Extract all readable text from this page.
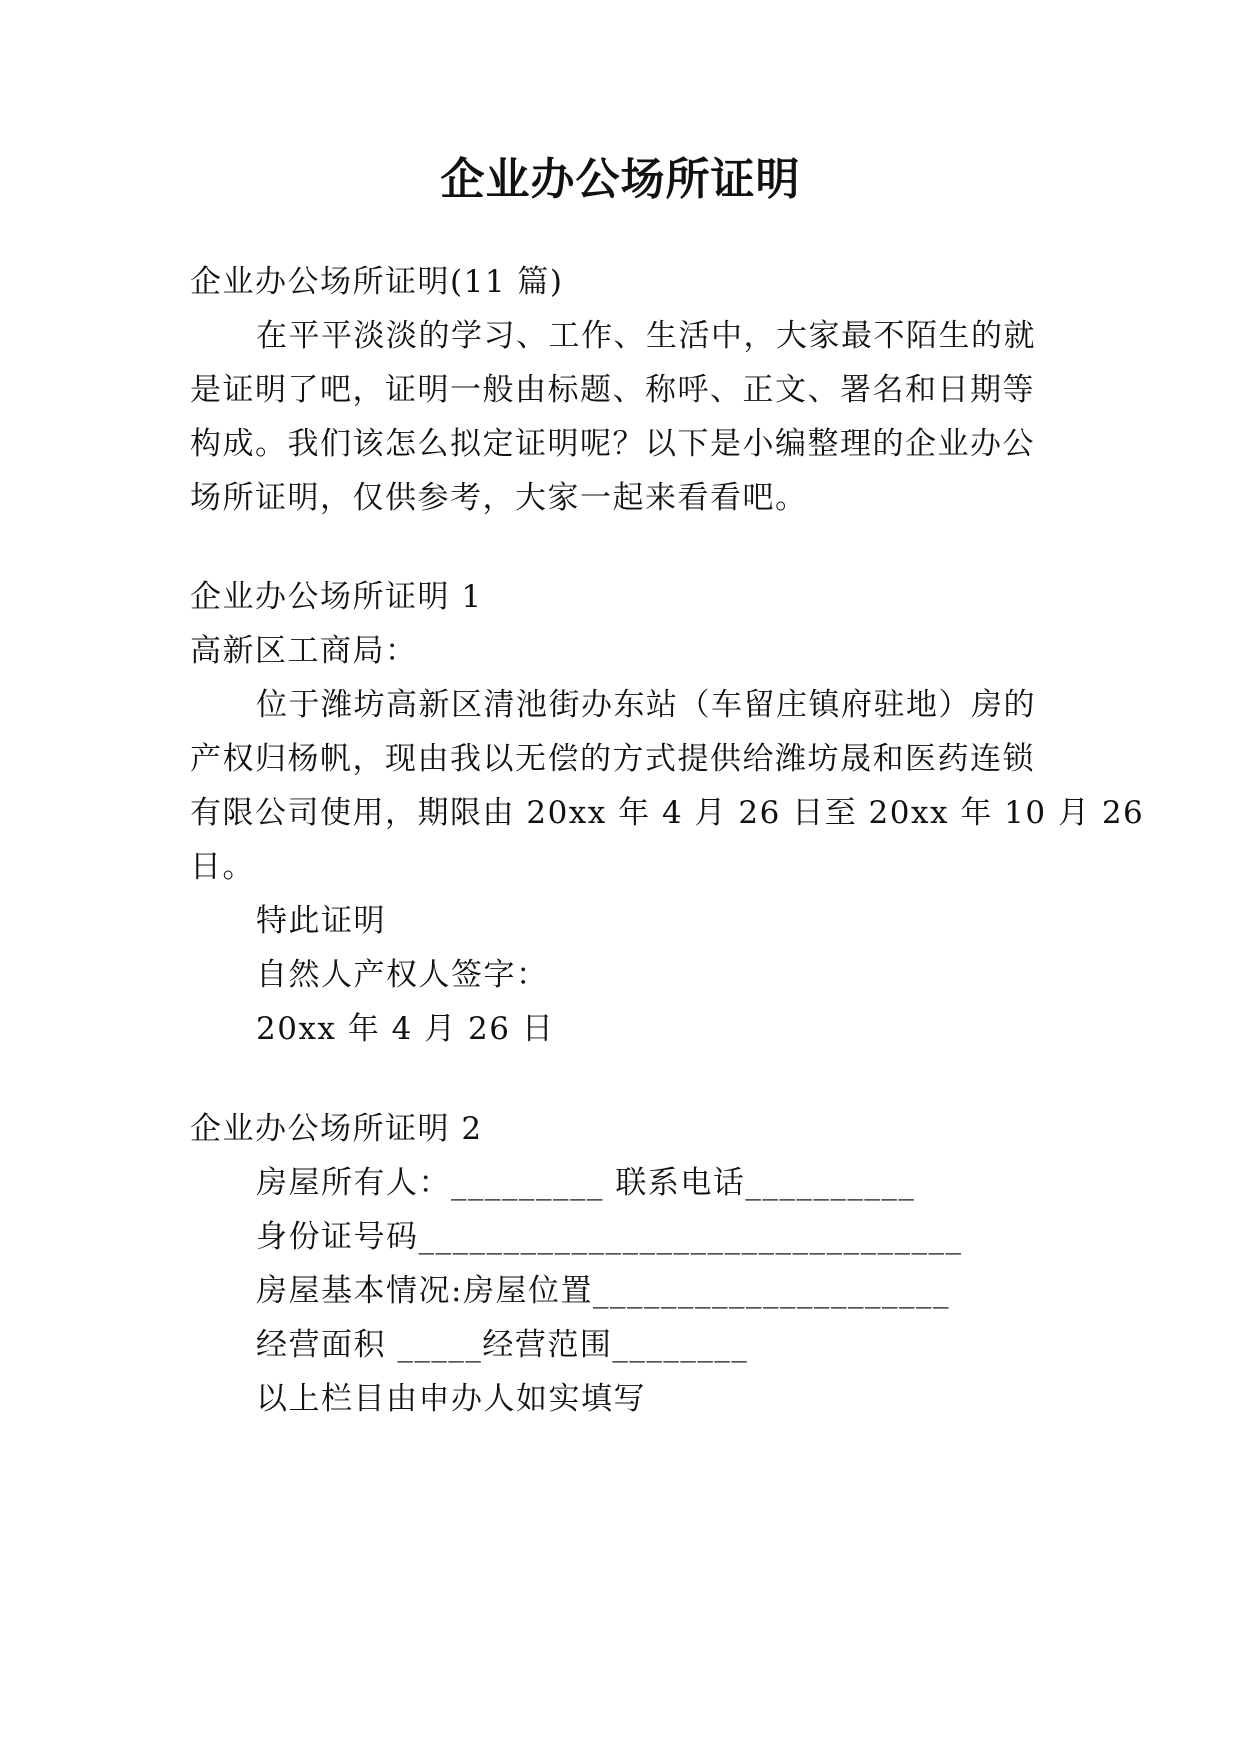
企业办公场所证明
企业办公场所证明(11 篇)
在平平淡淡的学习、工作、生活中，大家最不陌生的就
是证明了吧，证明一般由标题、称呼、正文、署名和日期等
构成。我们该怎么拟定证明呢？以下是小编整理的企业办公
场所证明，仅供参考，大家一起来看看吧。
企业办公场所证明 1
高新区工商局：
位于潍坊高新区清池街办东站（车留庄镇府驻地）房的
产权归杨帆，现由我以无偿的方式提供给潍坊晟和医药连锁
有限公司使用，期限由 20xx 年 4 月 26 日至 20xx 年 10 月 26
日。
特此证明
自然人产权人签字：
20xx 年 4 月 26 日
企业办公场所证明 2
房屋所有人：_________ 联系电话__________
身份证号码________________________________
房屋基本情况:房屋位置_____________________
经营面积 _____经营范围________
以上栏目由申办人如实填写
